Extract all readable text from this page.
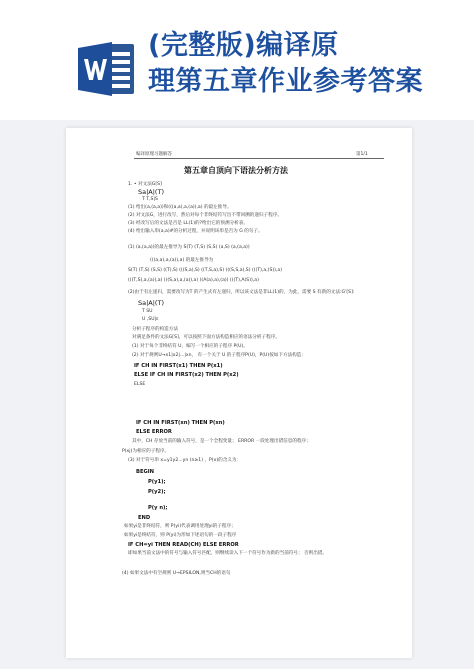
(完整版)编译原
理第五章作业参考答案
编译原理习题解答	第1/1
第五章自顶向下语法分析方法
1. • 对文法G[S]
Sa|A|(T)
T T,S|S
(1) 给出(a,(a,a))和(((a,a),a,(a)),a) 的最左推导。
(2) 对文法G，进行改写，然后对每个非终结符写出不带回溯的递归子程序。
(3) 经改写后的文法是否是 LL(1)的?给出它的预测分析表。
(4) 给出输入串(a,a)#的分析过程，并说明该串是否为 G 的句子。
(1) (a,(a,a))的最左推导为 S(T) (T,S) (S,S) (a,S) (a,(a,a))
(((a,a),a,(a)),a) 的最左推导为
S(T) (T,S) (S,S) ((T),S) (((S,a),S) ((T,S,a),S) (((S,S,a),S) (((T),a,(S)),a)
(((T,S),a,(a)),a) (((S,a),a,(a)),a) ((A(a),a),(a)) (((T),A(S)),a)
(2)由于有左递归，需要改写为T 的产生式有左递归，所以该文法是非LL(1)的，为此，需要 S 有新的文法:G'[S]:
Sa|A|(T)
T SU
U ,SU|ε
分析子程序的构造方法
对满足条件的文法G[S]，可以按照下面方法构造相应的语法分析子程序。
(1) 对于每个非终结符 U，编写一个相应的子程序 P(U)。
(2) 对于规则U→x1|x2|...|xn， 有一个关于 U 的子程序P(U)，P(U)按如下方法构造：
IF CH IN FIRST(x1) THEN P(x1)
ELSE IF CH IN FIRST(x2) THEN P(x2)
ELSE
IF CH IN FIRST(xn) THEN P(xn)
ELSE ERROR
其中，CH 存放当前的输入符号，是一个全程变量； ERROR 一段处理出错信息的程序；
P(xj)为相应的子程序。
(3) 对于符号串 x=y1y2...yn (n≥1) ，P(x)的含义为：
BEGIN
P(y1);
P(y2);
P(y n);
END
如果yi是非终结符，则 P(yi)代表调用处理yi的子程序；
如果yi是终结符，则 P(yi)为形如下述语句的一段子程序
IF CH=yi THEN READ(CH) ELSE ERROR
即如果当前文法中的符号与输入符号匹配，则继续读入下一个符号作为新的当前符号； 否则出错。
(4) 如果文法中有空规则 U→EPSILON,则当CH的语句
